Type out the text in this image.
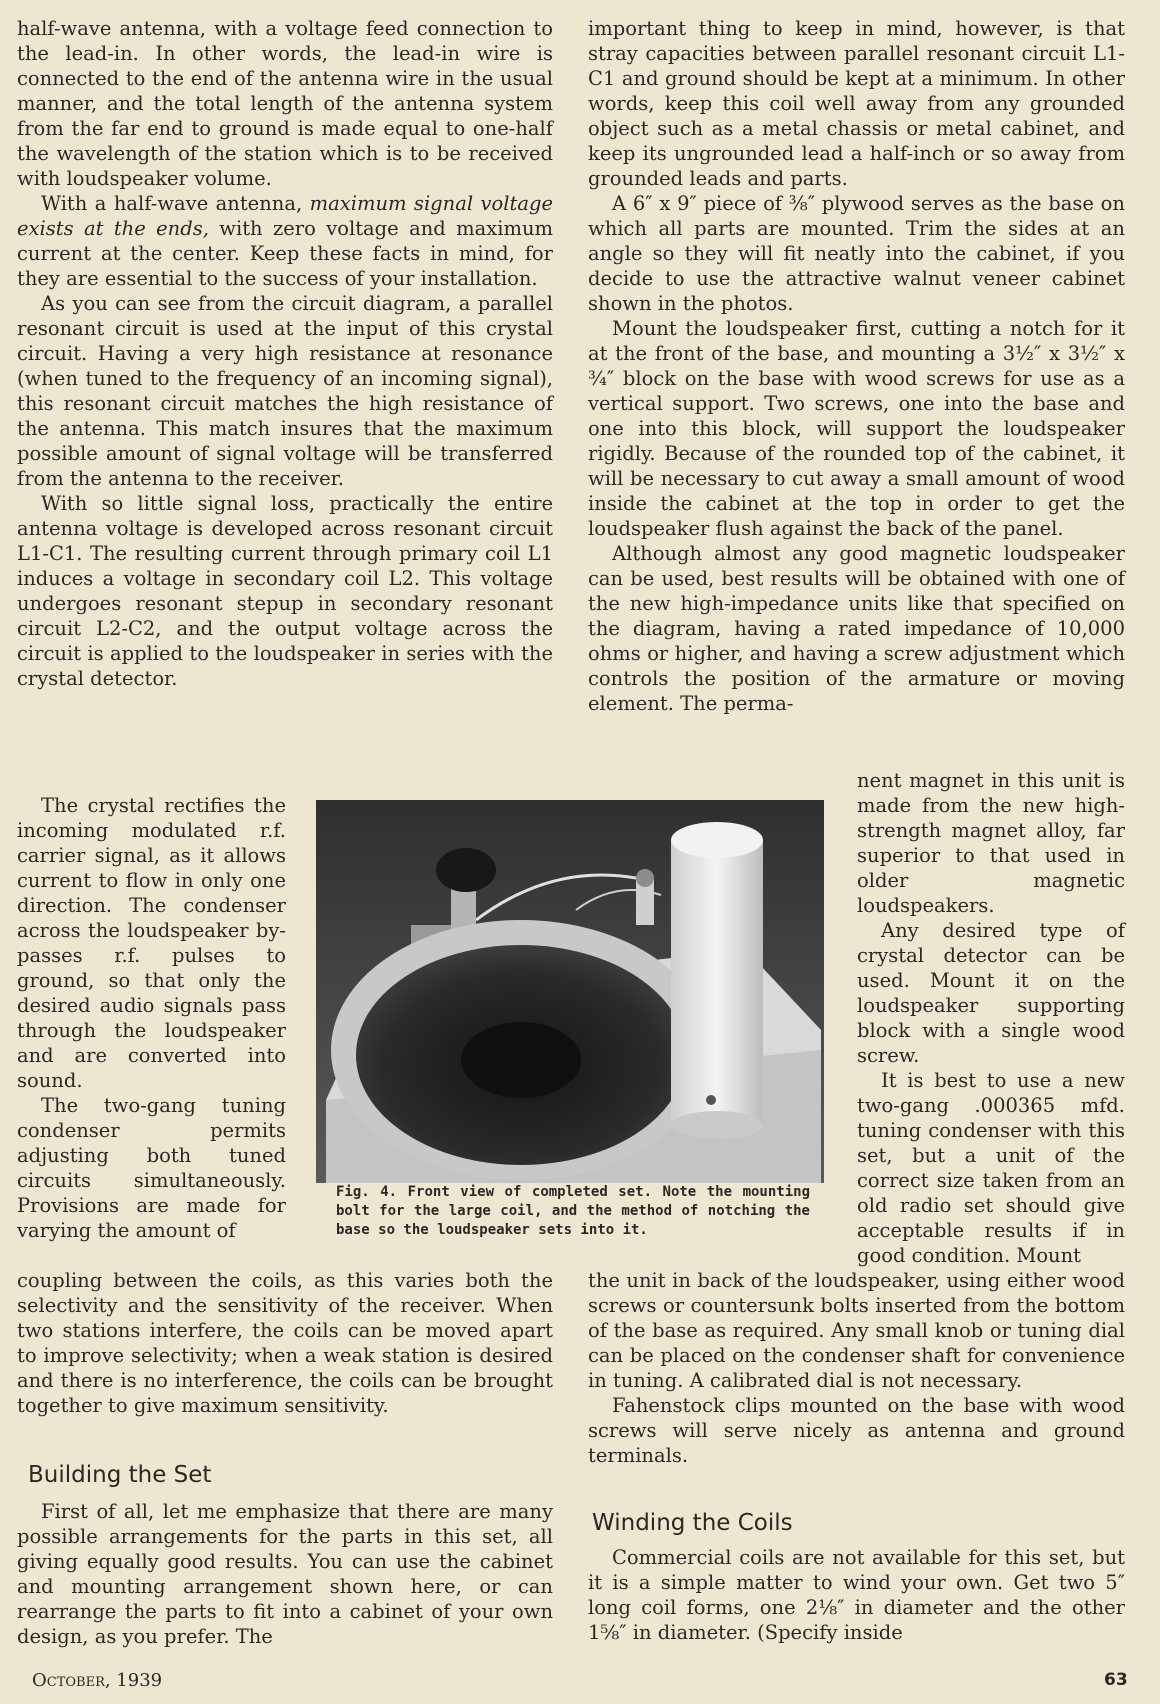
half-wave antenna, with a voltage feed connection to the lead-in. In other words, the lead-in wire is connected to the end of the antenna wire in the usual manner, and the total length of the antenna system from the far end to ground is made equal to one-half the wavelength of the station which is to be received with loudspeaker volume.

With a half-wave antenna, maximum signal voltage exists at the ends, with zero voltage and maximum current at the center. Keep these facts in mind, for they are essential to the success of your installation.

As you can see from the circuit diagram, a parallel resonant circuit is used at the input of this crystal circuit. Having a very high resistance at resonance (when tuned to the frequency of an incoming signal), this resonant circuit matches the high resistance of the antenna. This match insures that the maximum possible amount of signal voltage will be transferred from the antenna to the receiver.

With so little signal loss, practically the entire antenna voltage is developed across resonant circuit L1-C1. The resulting current through primary coil L1 induces a voltage in secondary coil L2. This voltage undergoes resonant stepup in secondary resonant circuit L2-C2, and the output voltage across the circuit is applied to the loudspeaker in series with the crystal detector.

The crystal rectifies the incoming modulated r.f. carrier signal, as it allows current to flow in only one direction. The condenser across the loudspeaker by-passes r.f. pulses to ground, so that only the desired audio signals pass through the loudspeaker and are converted into sound.

The two-gang tuning condenser permits adjusting both tuned circuits simultaneously. Provisions are made for varying the amount of

Fig. 4. Front view of completed set. Note the mounting bolt for the large coil, and the method of notching the base so the loudspeaker sets into it.

coupling between the coils, as this varies both the selectivity and the sensitivity of the receiver. When two stations interfere, the coils can be moved apart to improve selectivity; when a weak station is desired and there is no interference, the coils can be brought together to give maximum sensitivity.

Building the Set

First of all, let me emphasize that there are many possible arrangements for the parts in this set, all giving equally good results. You can use the cabinet and mounting arrangement shown here, or can rearrange the parts to fit into a cabinet of your own design, as you prefer. The

important thing to keep in mind, however, is that stray capacities between parallel resonant circuit L1-C1 and ground should be kept at a minimum. In other words, keep this coil well away from any grounded object such as a metal chassis or metal cabinet, and keep its ungrounded lead a half-inch or so away from grounded leads and parts.

A 6″ x 9″ piece of ⅜″ plywood serves as the base on which all parts are mounted. Trim the sides at an angle so they will fit neatly into the cabinet, if you decide to use the attractive walnut veneer cabinet shown in the photos.

Mount the loudspeaker first, cutting a notch for it at the front of the base, and mounting a 3½″ x 3½″ x ¾″ block on the base with wood screws for use as a vertical support. Two screws, one into the base and one into this block, will support the loudspeaker rigidly. Because of the rounded top of the cabinet, it will be necessary to cut away a small amount of wood inside the cabinet at the top in order to get the loudspeaker flush against the back of the panel.

Although almost any good magnetic loudspeaker can be used, best results will be obtained with one of the new high-impedance units like that specified on the diagram, having a rated impedance of 10,000 ohms or higher, and having a screw adjustment which controls the position of the armature or moving element. The perma-

nent magnet in this unit is made from the new high-strength magnet alloy, far superior to that used in older magnetic loudspeakers.

Any desired type of crystal detector can be used. Mount it on the loudspeaker supporting block with a single wood screw.

It is best to use a new two-gang .000365 mfd. tuning condenser with this set, but a unit of the correct size taken from an old radio set should give acceptable results if in good condition. Mount

the unit in back of the loudspeaker, using either wood screws or countersunk bolts inserted from the bottom of the base as required. Any small knob or tuning dial can be placed on the condenser shaft for convenience in tuning. A calibrated dial is not necessary.

Fahenstock clips mounted on the base with wood screws will serve nicely as antenna and ground terminals.

Winding the Coils

Commercial coils are not available for this set, but it is a simple matter to wind your own. Get two 5″ long coil forms, one 2⅛″ in diameter and the other 1⅝″ in diameter. (Specify inside

October, 1939	63
